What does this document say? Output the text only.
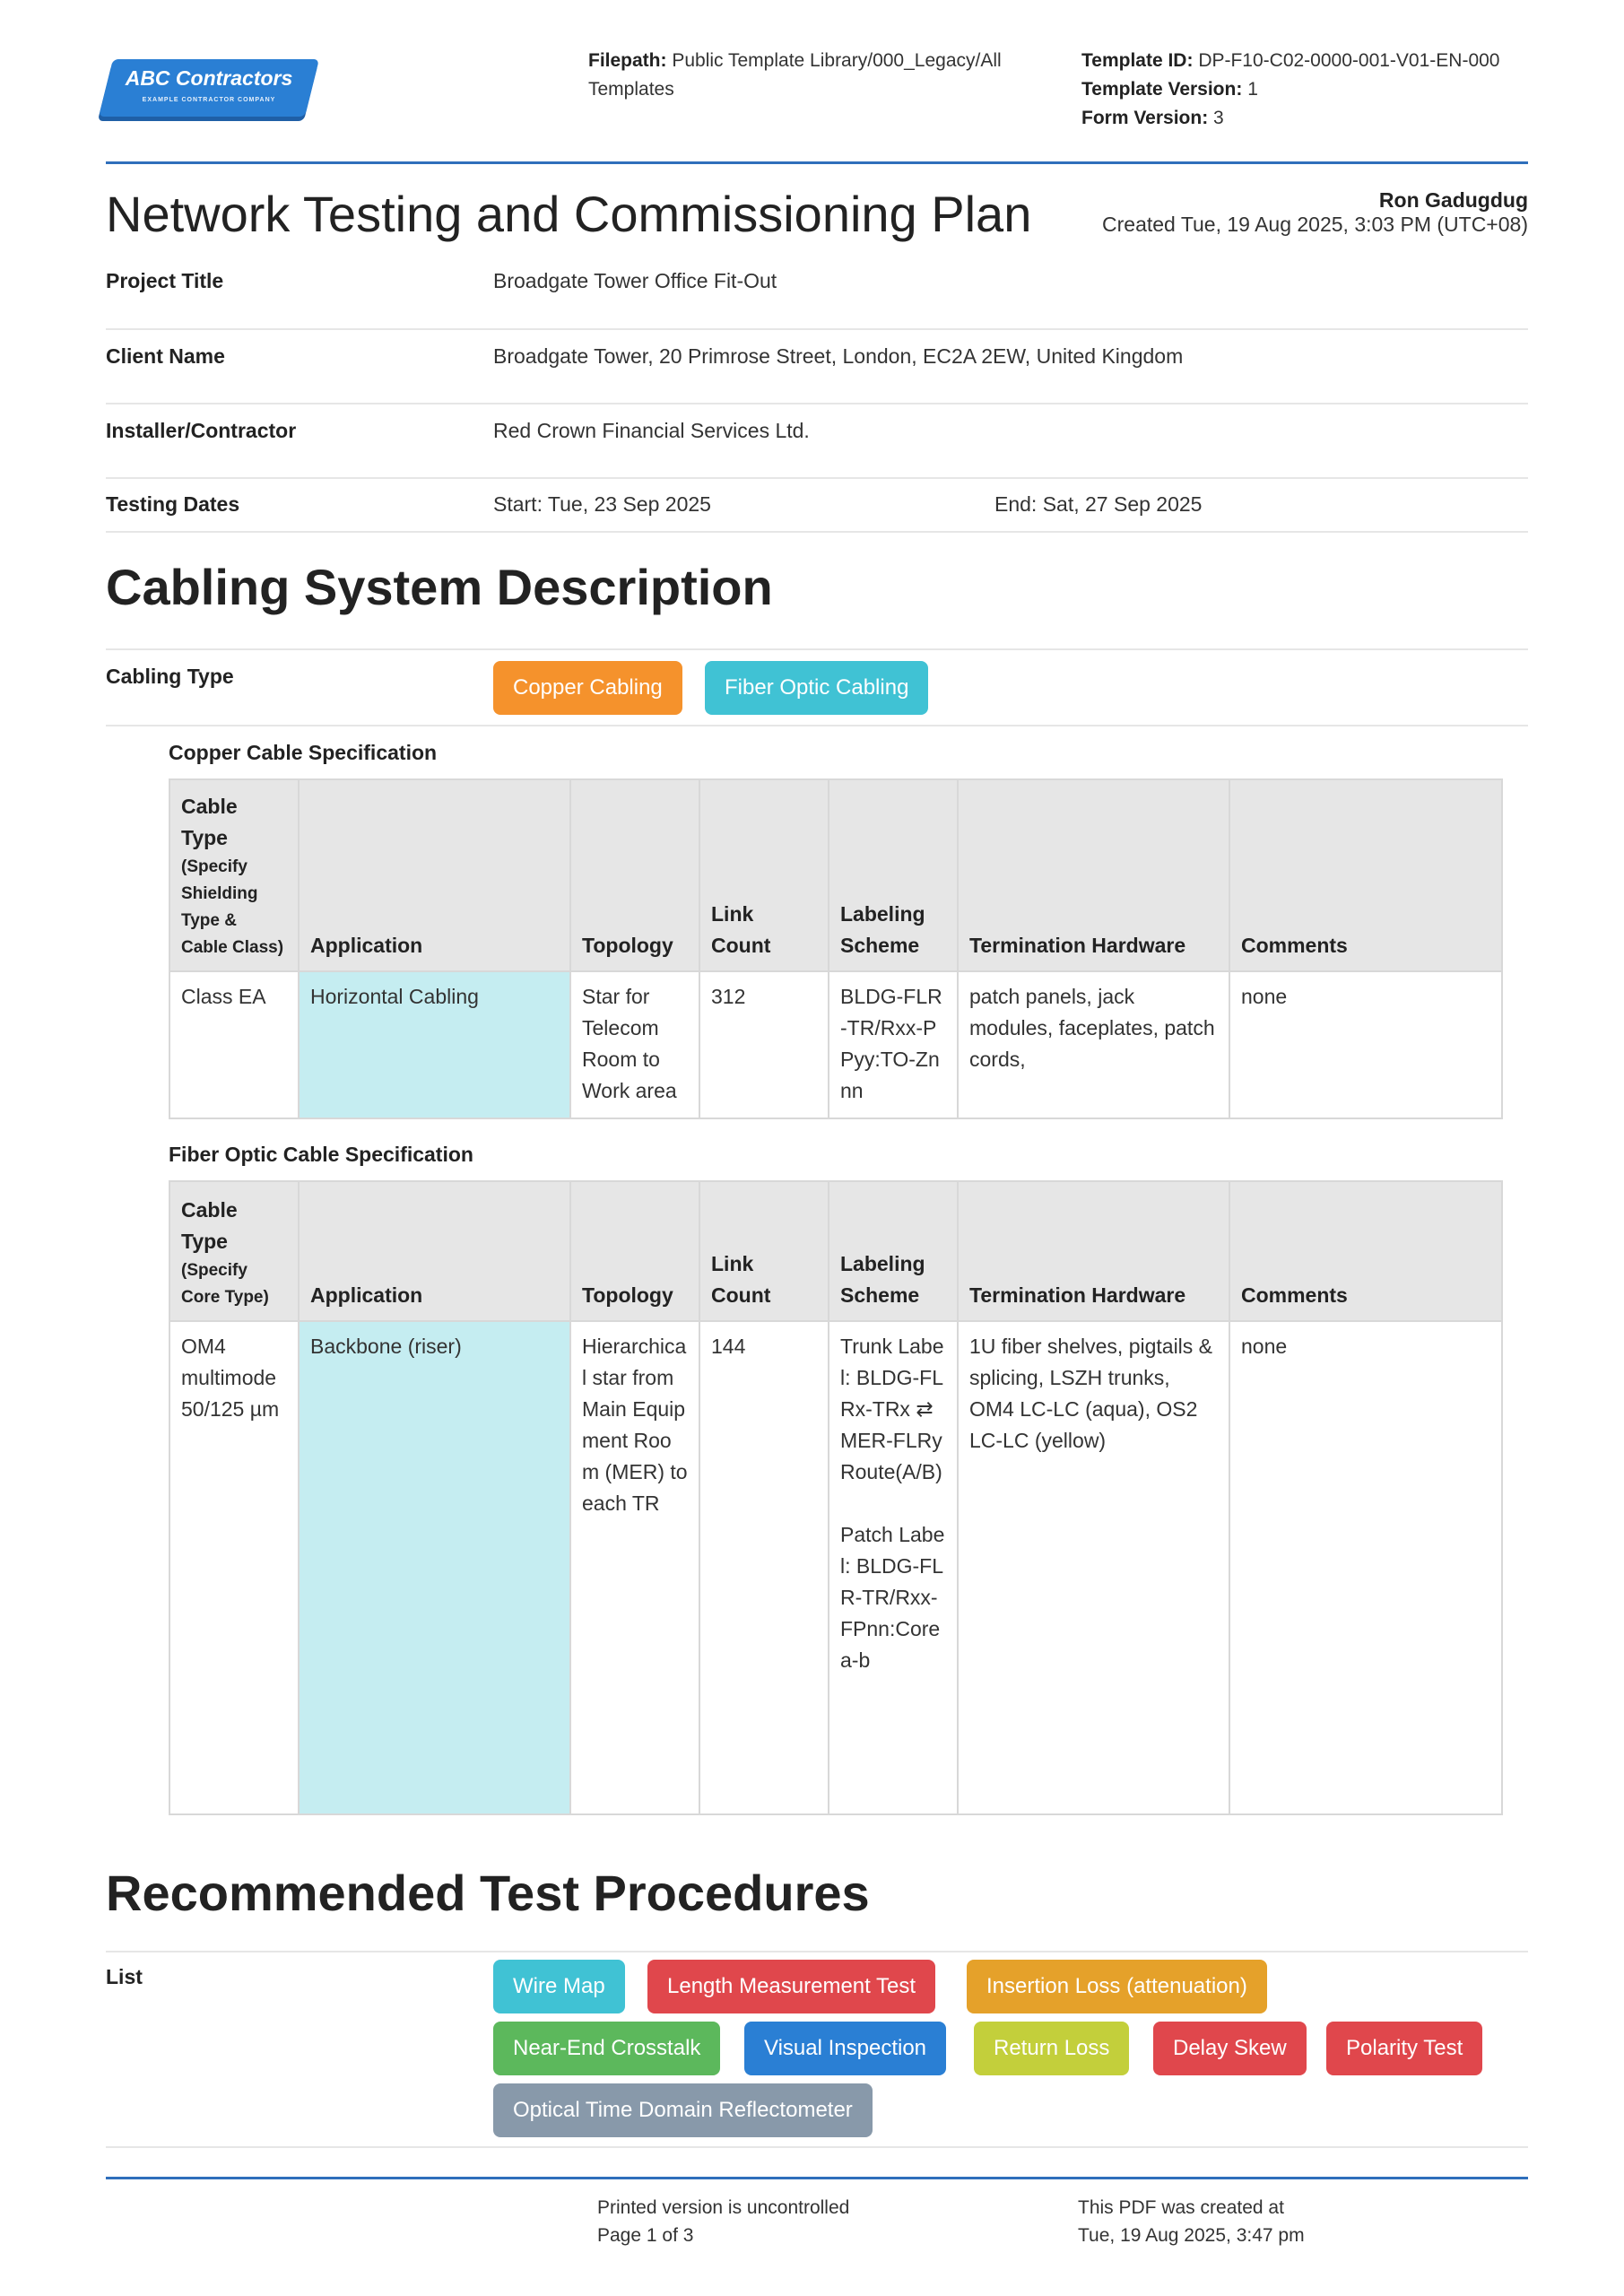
ABC Contractors
EXAMPLE CONTRACTOR COMPANY
Filepath: Public Template Library/000_Legacy/All Templates
Template ID: DP-F10-C02-0000-001-V01-EN-000
Template Version: 1
Form Version: 3
Network Testing and Commissioning Plan	Ron Gadugdug
Created Tue, 19 Aug 2025, 3:03 PM (UTC+08)
Project Title	Broadgate Tower Office Fit-Out
Client Name	Broadgate Tower, 20 Primrose Street, London, EC2A 2EW, United Kingdom
Installer/Contractor	Red Crown Financial Services Ltd.
Testing Dates	Start: Tue, 23 Sep 2025	End: Sat, 27 Sep 2025
Cabling System Description
Cabling Type	Copper Cabling	Fiber Optic Cabling
Copper Cable Specification
Cable Type
(Specify Shielding Type & Cable Class)	Application	Topology	Link Count	Labeling Scheme	Termination Hardware	Comments
Class EA	Horizontal Cabling	Star for Telecom Room to Work area	312	BLDG-FLR-TR/Rxx-PPyy:TO-Znnn	patch panels, jack modules, faceplates, patch cords,	none
Fiber Optic Cable Specification
Cable Type
(Specify Core Type)	Application	Topology	Link Count	Labeling Scheme	Termination Hardware	Comments
OM4 multimode 50/125 µm	Backbone (riser)	Hierarchical star from Main Equipment Room (MER) to each TR	144	Trunk Label: BLDG-FLRx-TRx ⇄ MER-FLRy Route(A/B)
Patch Label: BLDG-FLR-TR/Rxx-FPnn:Core a-b	1U fiber shelves, pigtails & splicing, LSZH trunks, OM4 LC-LC (aqua), OS2 LC-LC (yellow)	none
Recommended Test Procedures
List	Wire Map	Length Measurement Test	Insertion Loss (attenuation)
Near-End Crosstalk	Visual Inspection	Return Loss	Delay Skew	Polarity Test
Optical Time Domain Reflectometer
Printed version is uncontrolled
Page 1 of 3
This PDF was created at
Tue, 19 Aug 2025, 3:47 pm
